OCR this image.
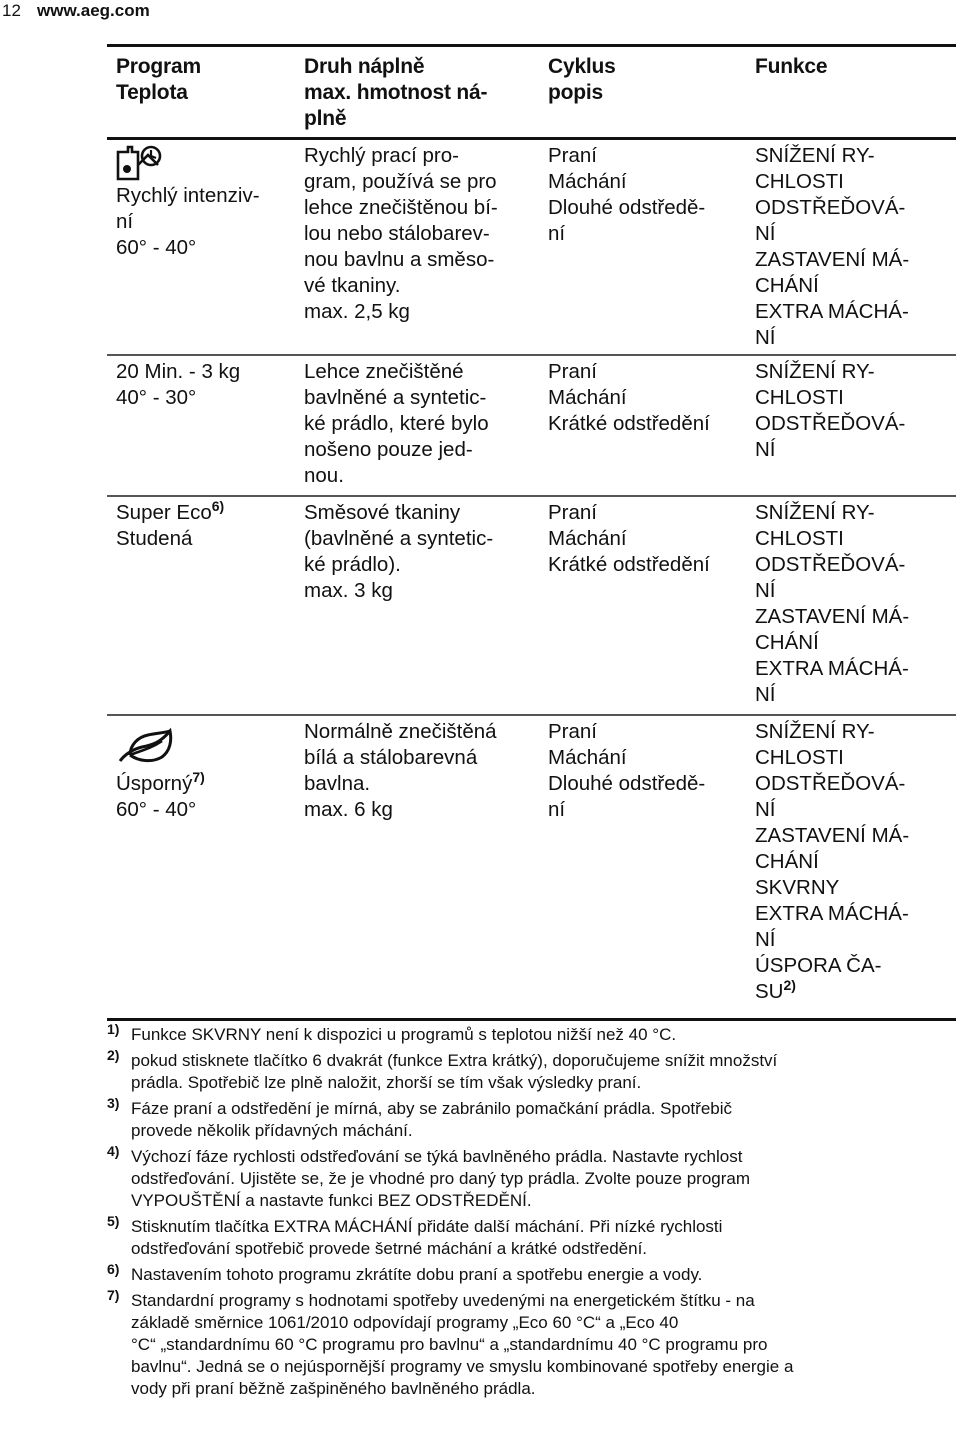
12 www.aeg.com
Program
Teplota
Druh náplně
max. hmotnost ná-
plně
Cyklus
popis
Funkce
Rychlý intenziv-
ní
60° - 40°
Rychlý prací pro-
gram, používá se pro
lehce znečištěnou bí-
lou nebo stálobarev-
nou bavlnu a směso-
vé tkaniny.
max. 2,5 kg
Praní
Máchání
Dlouhé odstředě-
ní
SNÍŽENÍ RY-
CHLOSTI
ODSTŘEĎOVÁ-
NÍ
ZASTAVENÍ MÁ-
CHÁNÍ
EXTRA MÁCHÁ-
NÍ
20 Min. - 3 kg
40° - 30°
Lehce znečištěné
bavlněné a syntetic-
ké prádlo, které bylo
nošeno pouze jed-
nou.
Praní
Máchání
Krátké odstředění
SNÍŽENÍ RY-
CHLOSTI
ODSTŘEĎOVÁ-
NÍ
Super Eco$^{6)}$
Studená
Směsové tkaniny
(bavlněné a syntetic-
ké prádlo).
max. 3 kg
Praní
Máchání
Krátké odstředění
SNÍŽENÍ RY-
CHLOSTI
ODSTŘEĎOVÁ-
NÍ
ZASTAVENÍ MÁ-
CHÁNÍ
EXTRA MÁCHÁ-
NÍ
Úsporný$^{7)}$
60° - 40°
Normálně znečištěná
bílá a stálobarevná
bavlna.
max. 6 kg
Praní
Máchání
Dlouhé odstředě-
ní
SNÍŽENÍ RY-
CHLOSTI
ODSTŘEĎOVÁ-
NÍ
ZASTAVENÍ MÁ-
CHÁNÍ
SKVRNY
EXTRA MÁCHÁ-
NÍ
ÚSPORA ČA-
SU$^{2)}$
1) Funkce SKVRNY není k dispozici u programů s teplotou nižší než 40 °C.
2) pokud stisknete tlačítko 6 dvakrát (funkce Extra krátký), doporučujeme snížit množství
prádla. Spotřebič lze plně naložit, zhorší se tím však výsledky praní.
3) Fáze praní a odstředění je mírná, aby se zabránilo pomačkání prádla. Spotřebič
provede několik přídavných máchání.
4) Výchozí fáze rychlosti odstřeďování se týká bavlněného prádla. Nastavte rychlost
odstřeďování. Ujistěte se, že je vhodné pro daný typ prádla. Zvolte pouze program
VYPOUŠTĚNÍ a nastavte funkci BEZ ODSTŘEDĚNÍ.
5) Stisknutím tlačítka EXTRA MÁCHÁNÍ přidáte další máchání. Při nízké rychlosti
odstřeďování spotřebič provede šetrné máchání a krátké odstředění.
6) Nastavením tohoto programu zkrátíte dobu praní a spotřebu energie a vody.
7) Standardní programy s hodnotami spotřeby uvedenými na energetickém štítku - na
základě směrnice 1061/2010 odpovídají programy „Eco 60 °C“ a „Eco 40
°C“ „standardnímu 60 °C programu pro bavlnu“ a „standardnímu 40 °C programu pro
bavlnu“. Jedná se o nejúspornější programy ve smyslu kombinované spotřeby energie a
vody při praní běžně zašpiněného bavlněného prádla.
